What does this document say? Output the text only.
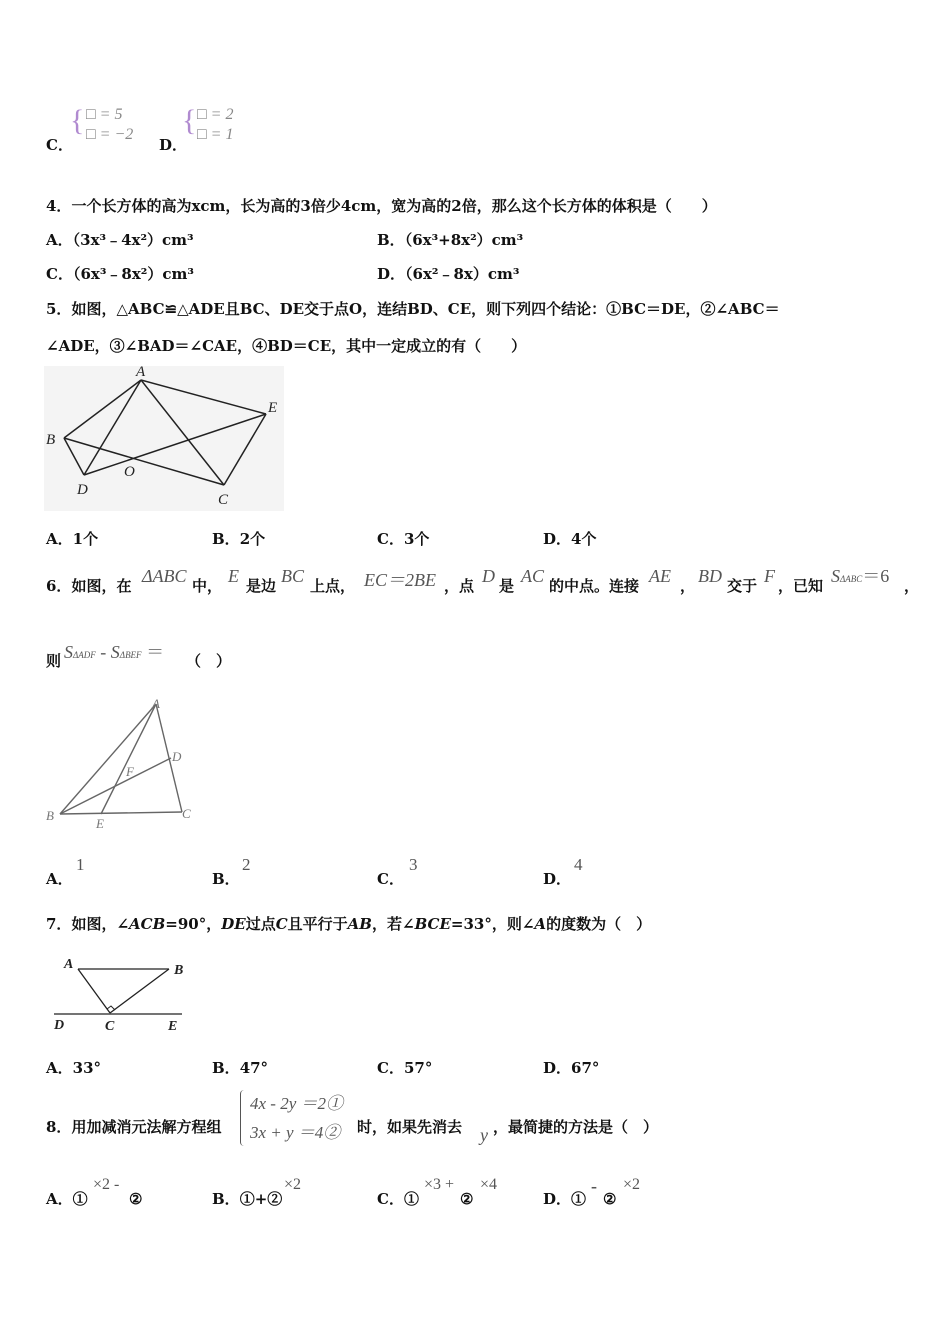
C．
{ □ = 5
□ = −2
D．
{ □ = 2
□ = 1
4．一个长方体的高为xcm，长为高的3倍少4cm，宽为高的2倍，那么这个长方体的体积是（　　）
A．（3x³﹣4x²）cm³	B．（6x³+8x²）cm³
C．（6x³﹣8x²）cm³	D．（6x²﹣8x）cm³
5．如图，△ABC≌△ADE且BC、DE交于点O，连结BD、CE，则下列四个结论：①BC＝DE，②∠ABC＝
∠ADE，③∠BAD＝∠CAE，④BD＝CE，其中一定成立的有（　　）
A
B
D
O
C
E
A．1个	B．2个	C．3个	D．4个
6．如图，在 ΔABC 中， E 是边 BC 上点， EC＝2BE ，点 D 是 AC 的中点。连接 AE ， BD 交于 F ，已知 SΔABC＝6 ，
则 SΔADF - SΔBEF ＝ （　）
A
B
E
C
D
F
A．
1
B．
2
C．
3
D．
4
7．如图，∠ACB=90°，DE过点C且平行于AB，若∠BCE=33°，则∠A的度数为（　）
A	B
D	C	E
A．33°	B．47°	C．57°	D．67°
8．用加减消元法解方程组
4x - 2y ＝2①
3x + y ＝4② 时，如果先消去 y ，最简捷的方法是（　）
A．①
×2 -
②	B．①+②
×2
C．①
×3 +
②
×4
D．①
-
②
×2
